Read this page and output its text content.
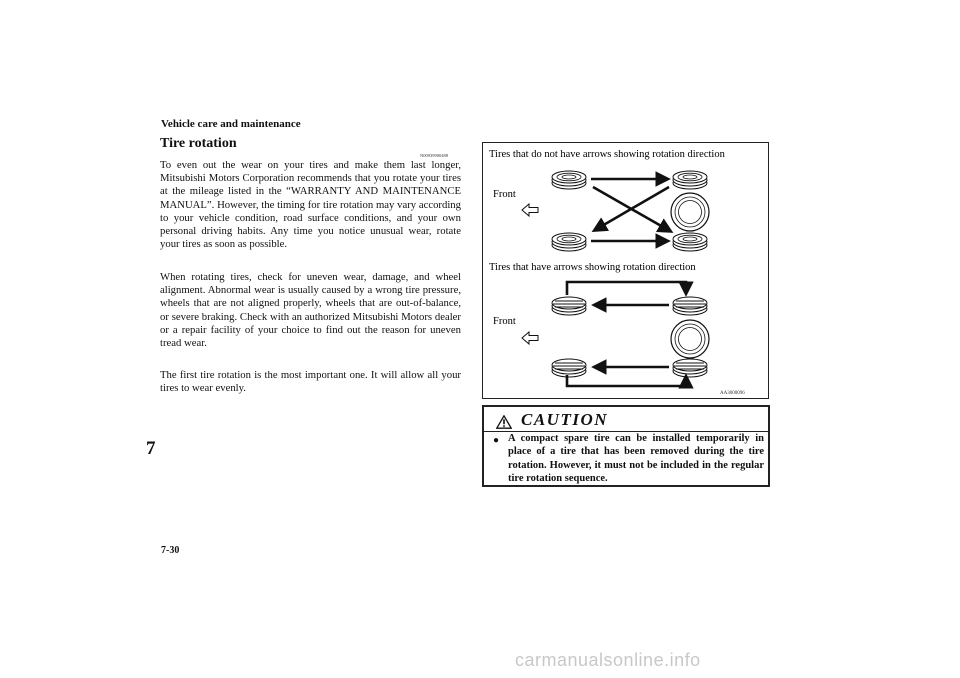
Vehicle care and maintenance
Tire rotation
N00939900488
To even out the wear on your tires and make them last longer, Mitsubishi Motors Corporation recommends that you rotate your tires at the mileage listed in the “WARRANTY AND MAINTENANCE MANUAL”. However, the timing for tire rotation may vary according to your vehicle condition, road surface conditions, and your own personal driving habits. Any time you notice unusual wear, rotate your tires as soon as possible.
When rotating tires, check for uneven wear, damage, and wheel alignment. Abnormal wear is usually caused by a wrong tire pressure, wheels that are not aligned properly, wheels that are out-of-balance, or severe braking. Check with an authorized Mitsubishi Motors dealer or a repair facility of your choice to find out the reason for uneven tread wear.
The first tire rotation is the most important one. It will allow all your tires to wear evenly.
7
7-30
Tires that do not have arrows showing rotation direction
Front
Tires that have arrows showing rotation direction
Front
AA3000096
CAUTION
● A compact spare tire can be installed temporarily in place of a tire that has been removed during the tire rotation. However, it must not be included in the regular tire rotation sequence.
carmanualsonline.info
